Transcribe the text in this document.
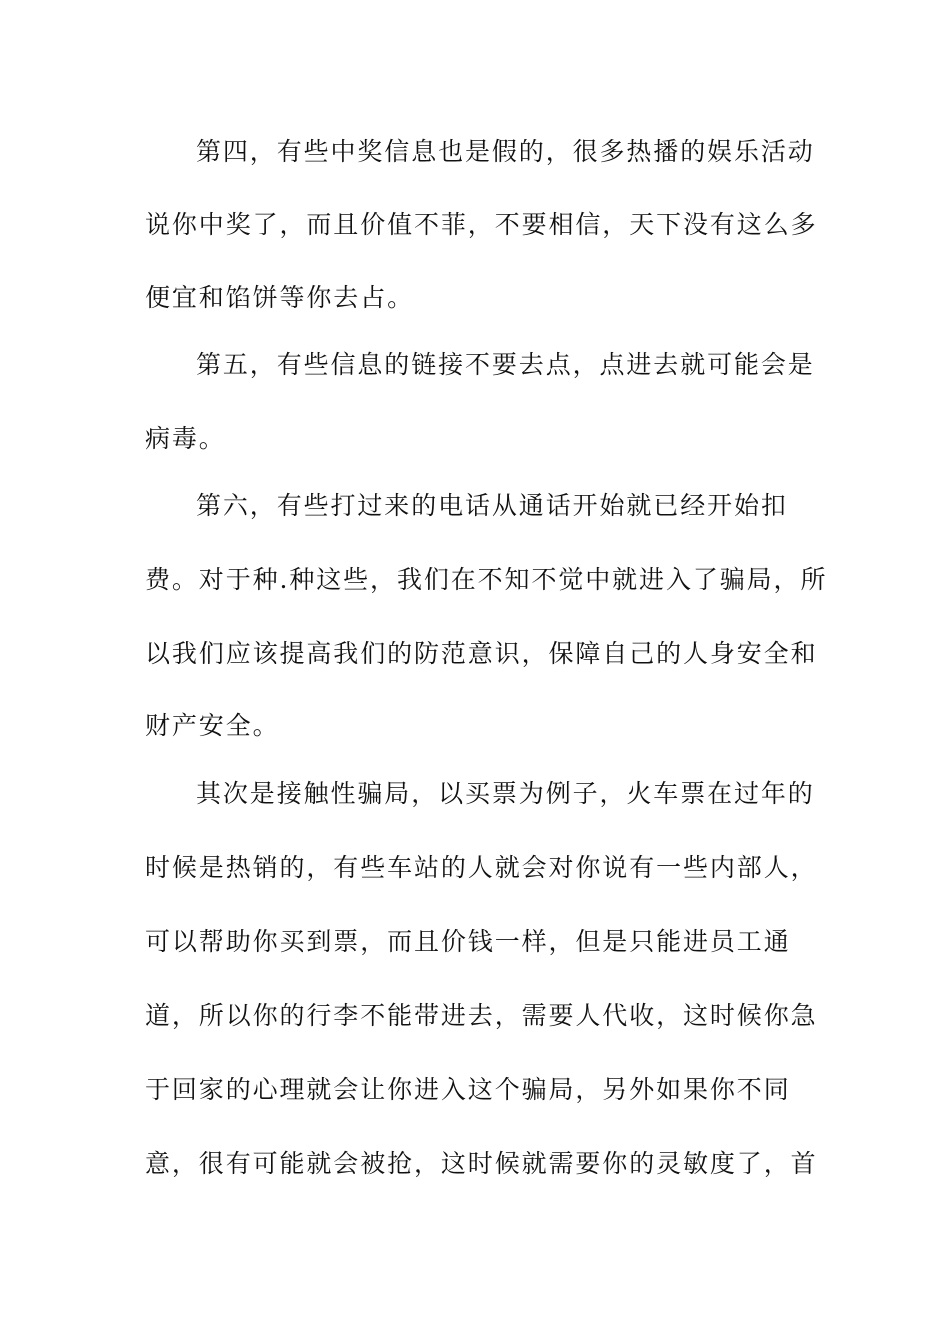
第四，有些中奖信息也是假的，很多热播的娱乐活动

说你中奖了，而且价值不菲，不要相信，天下没有这么多

便宜和馅饼等你去占。

第五，有些信息的链接不要去点，点进去就可能会是

病毒。

第六，有些打过来的电话从通话开始就已经开始扣

费。对于种.种这些，我们在不知不觉中就进入了骗局，所

以我们应该提高我们的防范意识，保障自己的人身安全和

财产安全。

其次是接触性骗局，以买票为例子，火车票在过年的

时候是热销的，有些车站的人就会对你说有一些内部人，

可以帮助你买到票，而且价钱一样，但是只能进员工通

道，所以你的行李不能带进去，需要人代收，这时候你急

于回家的心理就会让你进入这个骗局，另外如果你不同

意，很有可能就会被抢，这时候就需要你的灵敏度了，首
